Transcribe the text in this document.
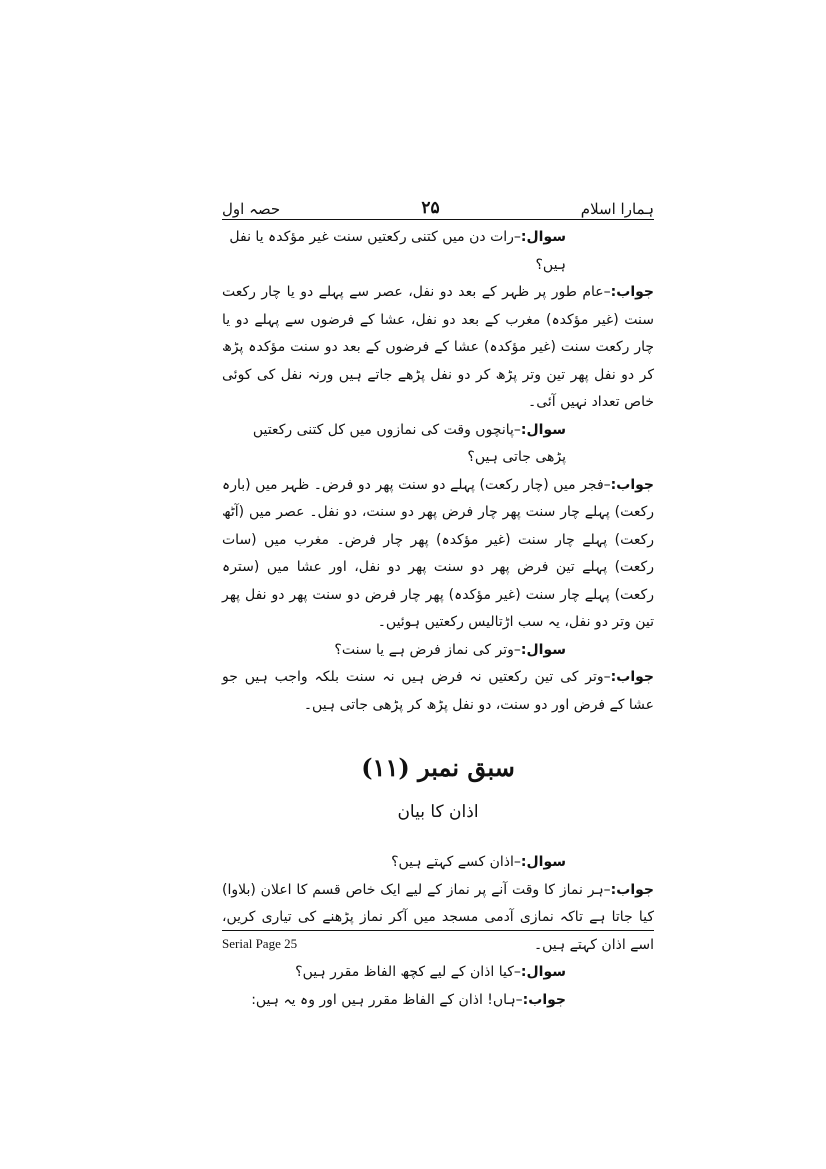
حصہ اول	۲۵	ہمارا اسلام

سوال:–رات دن میں کتنی رکعتیں سنت غیر مؤکدہ یا نفل ہیں؟

جواب:–عام طور پر ظہر کے بعد دو نفل، عصر سے پہلے دو یا چار رکعت سنت (غیر مؤکدہ) مغرب کے بعد دو نفل، عشا کے فرضوں سے پہلے دو یا چار رکعت سنت (غیر مؤکدہ) عشا کے فرضوں کے بعد دو سنت مؤکدہ پڑھ کر دو نفل پھر تین وتر پڑھ کر دو نفل پڑھے جاتے ہیں ورنہ نفل کی کوئی خاص تعداد نہیں آئی۔

سوال:–پانچوں وقت کی نمازوں میں کل کتنی رکعتیں پڑھی جاتی ہیں؟

جواب:–فجر میں (چار رکعت) پہلے دو سنت پھر دو فرض۔ ظہر میں (بارہ رکعت) پہلے چار سنت پھر چار فرض پھر دو سنت، دو نفل۔ عصر میں (آٹھ رکعت) پہلے چار سنت (غیر مؤکدہ) پھر چار فرض۔ مغرب میں (سات رکعت) پہلے تین فرض پھر دو سنت پھر دو نفل، اور عشا میں (سترہ رکعت) پہلے چار سنت (غیر مؤکدہ) پھر چار فرض دو سنت پھر دو نفل پھر تین وتر دو نفل، یہ سب اڑتالیس رکعتیں ہوئیں۔

سوال:–وتر کی نماز فرض ہے یا سنت؟

جواب:–وتر کی تین رکعتیں نہ فرض ہیں نہ سنت بلکہ واجب ہیں جو عشا کے فرض اور دو سنت، دو نفل پڑھ کر پڑھی جاتی ہیں۔

سبق نمبر (۱۱)
اذان کا بیان

سوال:–اذان کسے کہتے ہیں؟

جواب:–ہر نماز کا وقت آنے پر نماز کے لیے ایک خاص قسم کا اعلان (بلاوا) کیا جاتا ہے تاکہ نمازی آدمی مسجد میں آکر نماز پڑھنے کی تیاری کریں، اسے اذان کہتے ہیں۔

سوال:–کیا اذان کے لیے کچھ الفاظ مقرر ہیں؟

جواب:–ہاں! اذان کے الفاظ مقرر ہیں اور وہ یہ ہیں:

Serial Page 25
